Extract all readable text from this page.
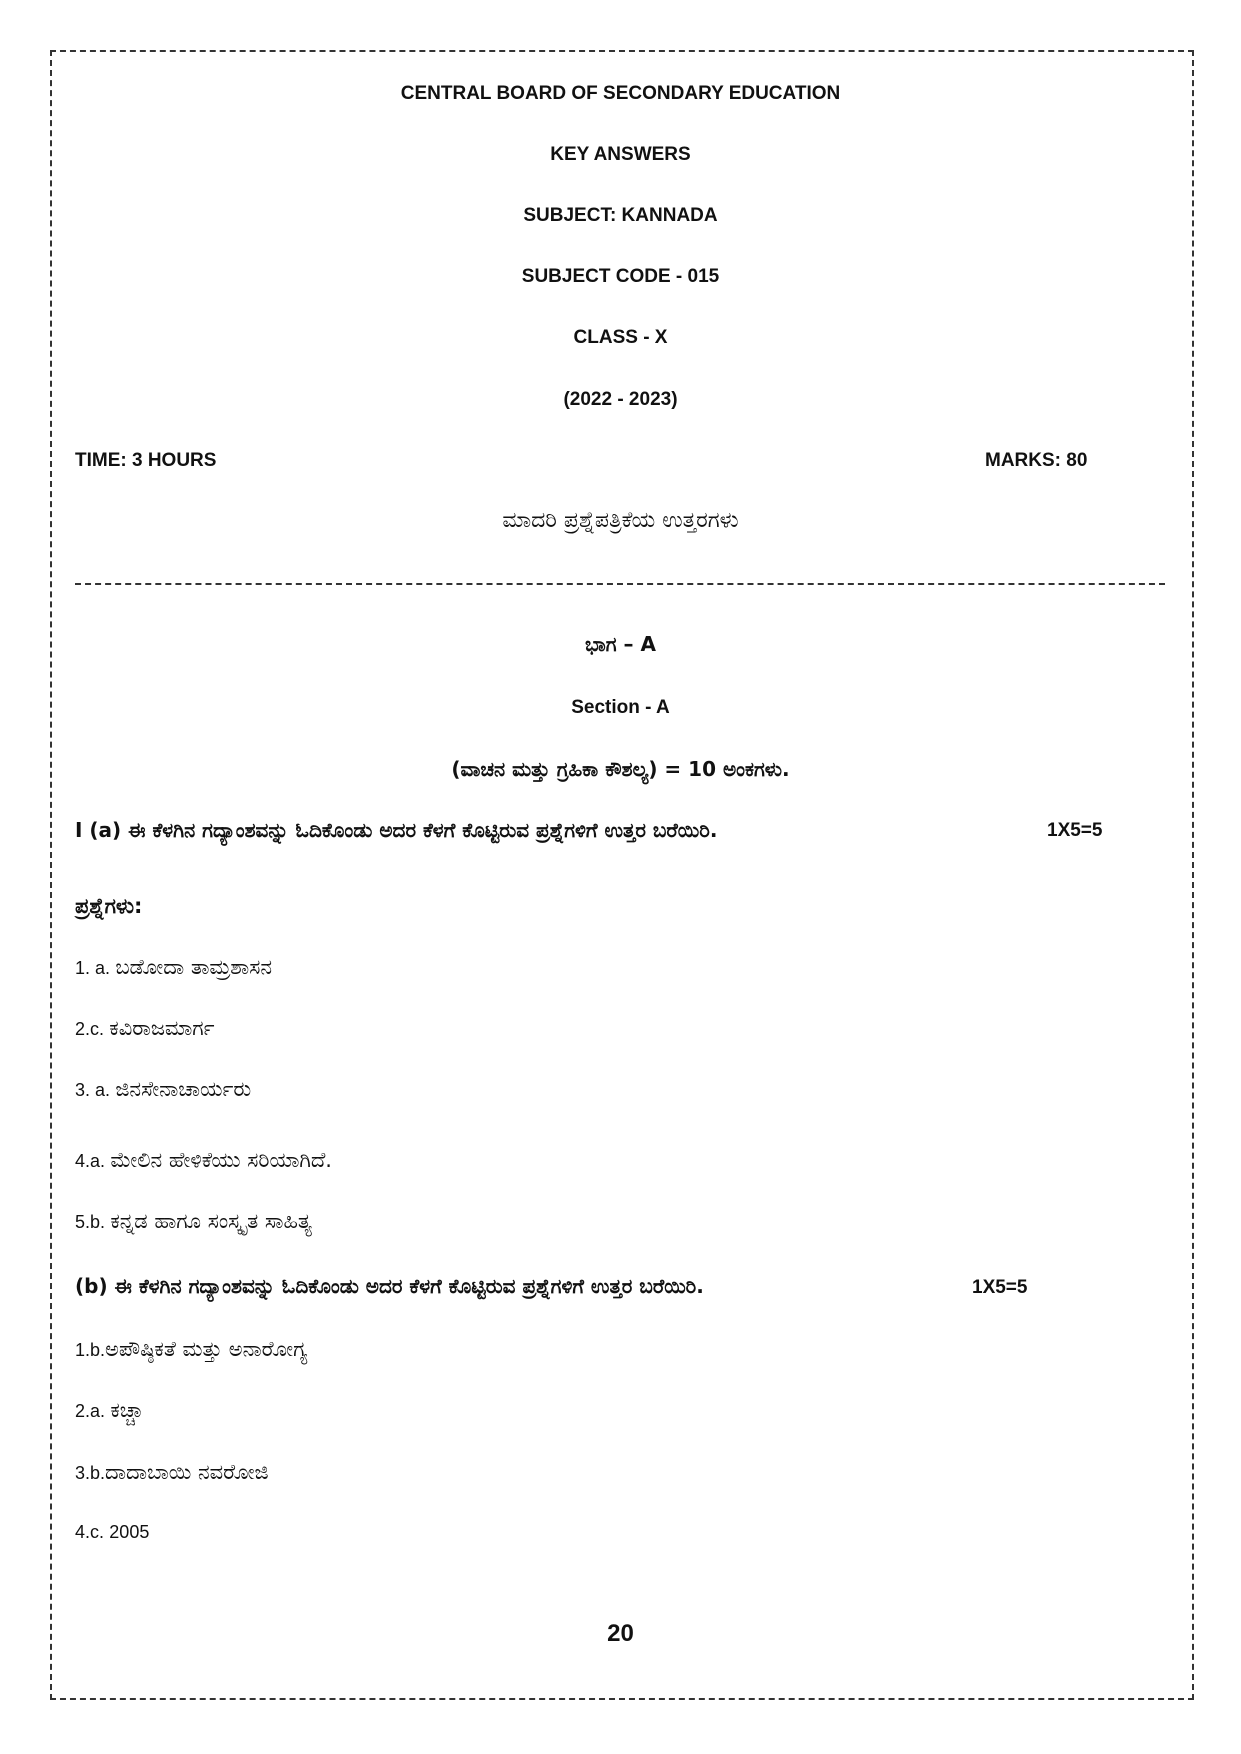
CENTRAL BOARD OF SECONDARY EDUCATION
KEY ANSWERS
SUBJECT: KANNADA
SUBJECT CODE - 015
CLASS - X
(2022 - 2023)
TIME: 3 HOURS	MARKS: 80
ಮಾದರಿ ಪ್ರಶ್ನೆಪತ್ರಿಕೆಯ ಉತ್ತರಗಳು
ಭಾಗ – A
Section - A
(ವಾಚನ ಮತ್ತು ಗ್ರಹಿಕಾ ಕೌಶಲ್ಯ) = 10 ಅಂಕಗಳು.
I (a) ಈ ಕೆಳಗಿನ ಗದ್ಯಾಂಶವನ್ನು ಓದಿಕೊಂಡು ಅದರ ಕೆಳಗೆ ಕೊಟ್ಟಿರುವ ಪ್ರಶ್ನೆಗಳಿಗೆ ಉತ್ತರ ಬರೆಯಿರಿ.	1X5=5
ಪ್ರಶ್ನೆಗಳು:
1. a. ಬಡೋದಾ ತಾಮ್ರಶಾಸನ
2.c. ಕವಿರಾಜಮಾರ್ಗ
3. a. ಜಿನಸೇನಾಚಾರ್ಯರು
4.a. ಮೇಲಿನ ಹೇಳಿಕೆಯು ಸರಿಯಾಗಿದೆ.
5.b. ಕನ್ನಡ ಹಾಗೂ ಸಂಸ್ಕೃತ ಸಾಹಿತ್ಯ
(b) ಈ ಕೆಳಗಿನ ಗದ್ಯಾಂಶವನ್ನು ಓದಿಕೊಂಡು ಅದರ ಕೆಳಗೆ ಕೊಟ್ಟಿರುವ ಪ್ರಶ್ನೆಗಳಿಗೆ ಉತ್ತರ ಬರೆಯಿರಿ.	1X5=5
1.b.ಅಪೌಷ್ಠಿಕತೆ ಮತ್ತು ಅನಾರೋಗ್ಯ
2.a. ಕಚ್ಚಾ
3.b.ದಾದಾಬಾಯಿ ನವರೋಜಿ
4.c. 2005
20
